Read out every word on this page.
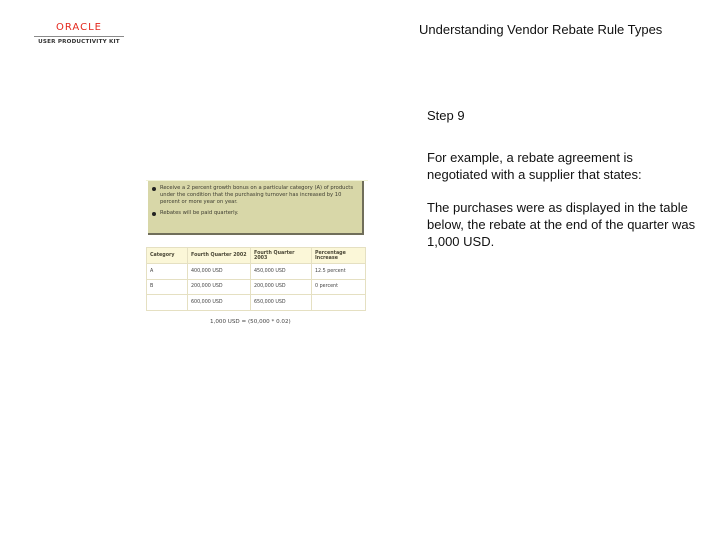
ORACLE
USER PRODUCTIVITY KIT
Understanding Vendor Rebate Rule Types
Step 9
For example, a rebate agreement is negotiated with a supplier that states:
The purchases were as displayed in the table below, the rebate at the end of the quarter was 1,000 USD.
Receive a 2 percent growth bonus on a particular category (A) of products under the condition that the purchasing turnover has increased by 10 percent or more year on year.
Rebates will be paid quarterly.
Category	Fourth Quarter 2002	Fourth Quarter 2003	Percentage Increase
A	400,000 USD	450,000 USD	12.5 percent
B	200,000 USD	200,000 USD	0 percent
	600,000 USD	650,000 USD	
1,000 USD = (50,000 * 0.02)
